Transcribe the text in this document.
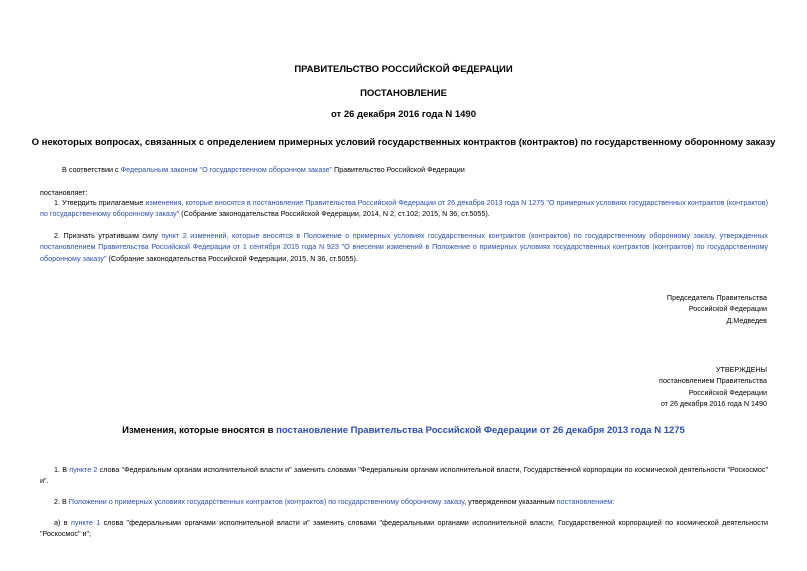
ПРАВИТЕЛЬСТВО РОССИЙСКОЙ ФЕДЕРАЦИИ
ПОСТАНОВЛЕНИЕ
от 26 декабря 2016 года N 1490
О некоторых вопросах, связанных с определением примерных условий государственных контрактов (контрактов) по государственному оборонному заказу
В соответствии с Федеральным законом "О государственном оборонном заказе" Правительство Российской Федерации
постановляет:
1. Утвердить прилагаемые изменения, которые вносятся в постановление Правительства Российской Федерации от 26 декабря 2013 года N 1275 "О примерных условиях государственных контрактов (контрактов) по государственному оборонному заказу" (Собрание законодательства Российской Федерации, 2014, N 2, ст.102; 2015, N 36, ст.5055).
2. Признать утратившим силу пункт 2 изменений, которые вносятся в Положение о примерных условиях государственных контрактов (контрактов) по государственному оборонному заказу, утвержденных постановлением Правительства Российской Федерации от 1 сентября 2015 года N 923 "О внесении изменений в Положение о примерных условиях государственных контрактов (контрактов) по государственному оборонному заказу" (Собрание законодательства Российской Федерации, 2015, N 36, ст.5055).
Председатель Правительства
Российской Федерации
Д.Медведев
УТВЕРЖДЕНЫ
постановлением Правительства
Российской Федерации
от 26 декабря 2016 года N 1490
Изменения, которые вносятся в постановление Правительства Российской Федерации от 26 декабря 2013 года N 1275
1. В пункте 2 слова "Федеральным органам исполнительной власти и" заменить словами "Федеральным органам исполнительной власти, Государственной корпорации по космической деятельности "Роскосмос" и".
2. В Положении о примерных условиях государственных контрактов (контрактов) по государственному оборонному заказу, утвержденном указанным постановлением:
а) в пункте 1 слова "федеральными органами исполнительной власти и" заменить словами "федеральными органами исполнительной власти, Государственной корпорацией по космической деятельности "Роскосмос" и";
